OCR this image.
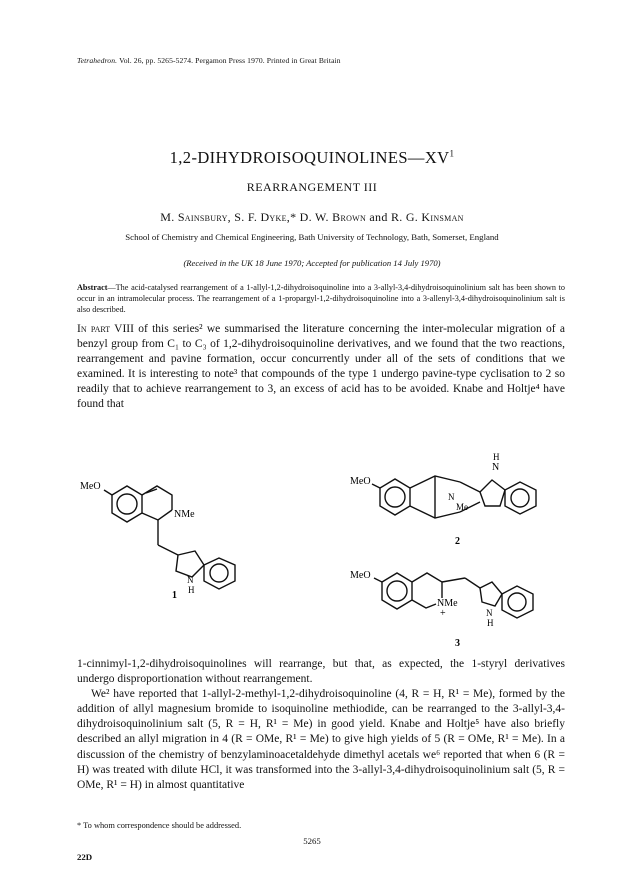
Tetrahedron. Vol. 26, pp. 5265-5274. Pergamon Press 1970. Printed in Great Britain
$1,2-DIHYDROISOQUINOLINES—XV^1$
REARRANGEMENT III
M. Sainsbury, S. F. Dyke,* D. W. Brown and R. G. Kinsman
School of Chemistry and Chemical Engineering, Bath University of Technology, Bath, Somerset, England
(Received in the UK 18 June 1970; Accepted for publication 14 July 1970)
Abstract—The acid-catalysed rearrangement of a 1-allyl-1,2-dihydroisoquinoline into a 3-allyl-3,4-dihydroisoquinolinium salt has been shown to occur in an intramolecular process. The rearrangement of a 1-propargyl-1,2-dihydroisoquinoline into a 3-allenyl-3,4-dihydroisoquinolinium salt is also described.

In part VIII of this series² we summarised the literature concerning the inter-molecular migration of a benzyl group from C₁ to C₃ of 1,2-dihydroisoquinoline derivatives, and we found that the two reactions, rearrangement and pavine formation, occur concurrently under all of the sets of conditions that we examined. It is interesting to note³ that compounds of the type 1 undergo pavine-type cyclisation to 2 so readily that to achieve rearrangement to 3, an excess of acid has to be avoided. Knabe and Holtje⁴ have found that

MeO
NMe
N
H
1
H
N
MeO
N
Me
2
MeO
NMe
+	N
H
3

1-cinnimyl-1,2-dihydroisoquinolines will rearrange, but that, as expected, the 1-styryl derivatives undergo disproportionation without rearrangement.

We² have reported that 1-allyl-2-methyl-1,2-dihydroisoquinoline (4, R = H, R¹ = Me), formed by the addition of allyl magnesium bromide to isoquinoline methiodide, can be rearranged to the 3-allyl-3,4-dihydroisoquinolinium salt (5, R = H, R¹ = Me) in good yield. Knabe and Holtje⁵ have also briefly described an allyl migration in 4 (R = OMe, R¹ = Me) to give high yields of 5 (R = OMe, R¹ = Me). In a discussion of the chemistry of benzylaminoacetaldehyde dimethyl acetals we⁶ reported that when 6 (R = H) was treated with dilute HCl, it was transformed into the 3-allyl-3,4-dihydroisoquinolinium salt (5, R = OMe, R¹ = H) in almost quantitative

* To whom correspondence should be addressed.
5265
22D
